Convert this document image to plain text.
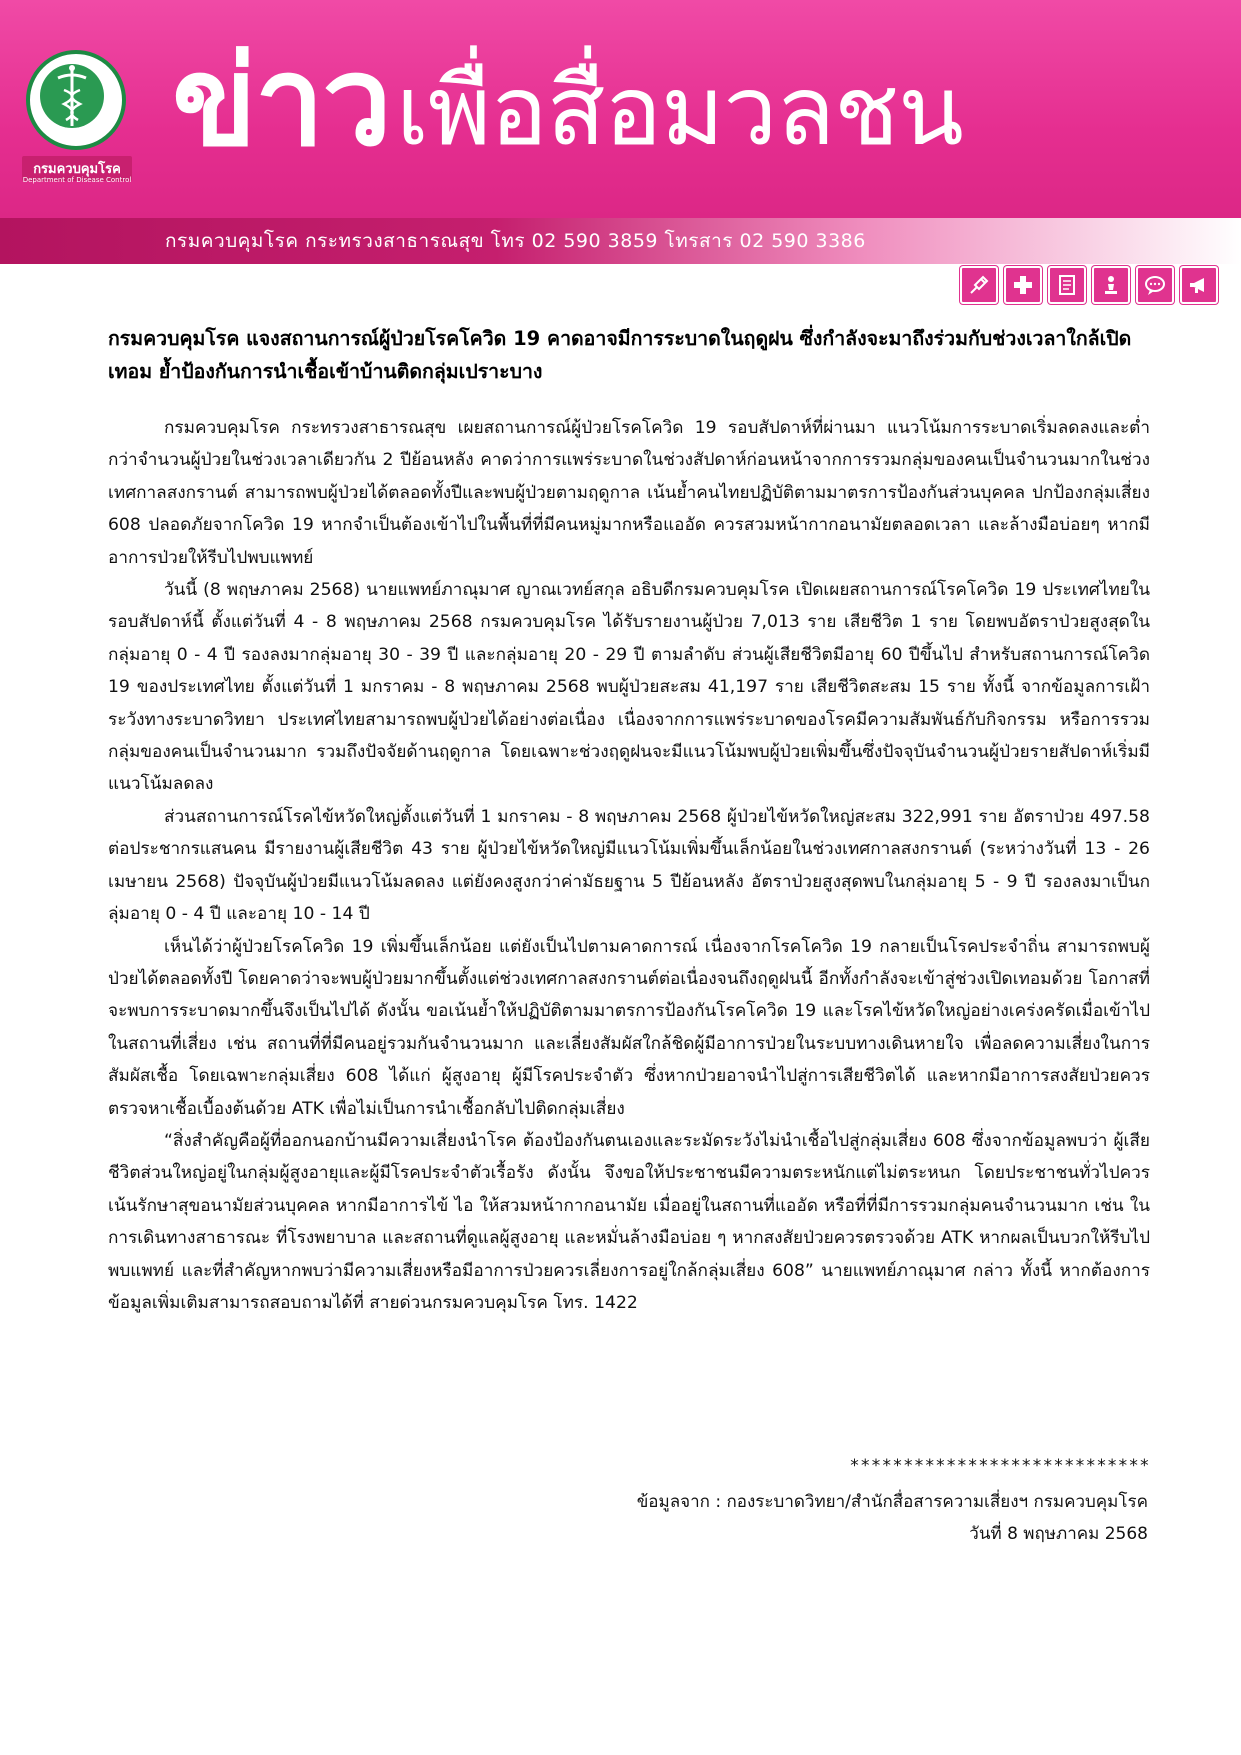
กรมควบคุมโรค กระทรวงสาธารณสุข โทร 02 590 3859 โทรสาร 02 590 3386
กรมควบคุมโรค
Department of Disease Control
ข่าวเพื่อสื่อมวลชน
กรมควบคุมโรค แจงสถานการณ์ผู้ป่วยโรคโควิด 19 คาดอาจมีการระบาดในฤดูฝน ซึ่งกำลังจะมาถึงร่วมกับช่วงเวลาใกล้เปิดเทอม ย้ำป้องกันการนำเชื้อเข้าบ้านติดกลุ่มเปราะบาง

กรมควบคุมโรค กระทรวงสาธารณสุข เผยสถานการณ์ผู้ป่วยโรคโควิด 19 รอบสัปดาห์ที่ผ่านมา แนวโน้มการระบาดเริ่มลดลงและต่ำกว่าจำนวนผู้ป่วยในช่วงเวลาเดียวกัน 2 ปีย้อนหลัง คาดว่าการแพร่ระบาดในช่วงสัปดาห์ก่อนหน้าจากการรวมกลุ่มของคนเป็นจำนวนมากในช่วงเทศกาลสงกรานต์ สามารถพบผู้ป่วยได้ตลอดทั้งปีและพบผู้ป่วยตามฤดูกาล เน้นย้ำคนไทยปฏิบัติตามมาตรการป้องกันส่วนบุคคล ปกป้องกลุ่มเสี่ยง 608 ปลอดภัยจากโควิด 19 หากจำเป็นต้องเข้าไปในพื้นที่ที่มีคนหมู่มากหรือแออัด ควรสวมหน้ากากอนามัยตลอดเวลา และล้างมือบ่อยๆ หากมีอาการป่วยให้รีบไปพบแพทย์

วันนี้ (8 พฤษภาคม 2568) นายแพทย์ภาณุมาศ ญาณเวทย์สกุล อธิบดีกรมควบคุมโรค เปิดเผยสถานการณ์โรคโควิด 19 ประเทศไทยในรอบสัปดาห์นี้ ตั้งแต่วันที่ 4 - 8 พฤษภาคม 2568 กรมควบคุมโรค ได้รับรายงานผู้ป่วย 7,013 ราย เสียชีวิต 1 ราย โดยพบอัตราป่วยสูงสุดในกลุ่มอายุ 0 - 4 ปี รองลงมากลุ่มอายุ 30 - 39 ปี และกลุ่มอายุ 20 - 29 ปี ตามลำดับ ส่วนผู้เสียชีวิตมีอายุ 60 ปีขึ้นไป สำหรับสถานการณ์โควิด 19 ของประเทศไทย ตั้งแต่วันที่ 1 มกราคม - 8 พฤษภาคม 2568 พบผู้ป่วยสะสม 41,197 ราย เสียชีวิตสะสม 15 ราย ทั้งนี้ จากข้อมูลการเฝ้าระวังทางระบาดวิทยา ประเทศไทยสามารถพบผู้ป่วยได้อย่างต่อเนื่อง เนื่องจากการแพร่ระบาดของโรคมีความสัมพันธ์กับกิจกรรม หรือการรวมกลุ่มของคนเป็นจำนวนมาก รวมถึงปัจจัยด้านฤดูกาล โดยเฉพาะช่วงฤดูฝนจะมีแนวโน้มพบผู้ป่วยเพิ่มขึ้นซึ่งปัจจุบันจำนวนผู้ป่วยรายสัปดาห์เริ่มมีแนวโน้มลดลง

ส่วนสถานการณ์โรคไข้หวัดใหญ่ตั้งแต่วันที่ 1 มกราคม - 8 พฤษภาคม 2568 ผู้ป่วยไข้หวัดใหญ่สะสม 322,991 ราย อัตราป่วย 497.58 ต่อประชากรแสนคน มีรายงานผู้เสียชีวิต 43 ราย ผู้ป่วยไข้หวัดใหญ่มีแนวโน้มเพิ่มขึ้นเล็กน้อยในช่วงเทศกาลสงกรานต์ (ระหว่างวันที่ 13 - 26 เมษายน 2568) ปัจจุบันผู้ป่วยมีแนวโน้มลดลง แต่ยังคงสูงกว่าค่ามัธยฐาน 5 ปีย้อนหลัง อัตราป่วยสูงสุดพบในกลุ่มอายุ 5 - 9 ปี รองลงมาเป็นกลุ่มอายุ 0 - 4 ปี และอายุ 10 - 14 ปี

เห็นได้ว่าผู้ป่วยโรคโควิด 19 เพิ่มขึ้นเล็กน้อย แต่ยังเป็นไปตามคาดการณ์ เนื่องจากโรคโควิด 19 กลายเป็นโรคประจำถิ่น สามารถพบผู้ป่วยได้ตลอดทั้งปี โดยคาดว่าจะพบผู้ป่วยมากขึ้นตั้งแต่ช่วงเทศกาลสงกรานต์ต่อเนื่องจนถึงฤดูฝนนี้ อีกทั้งกำลังจะเข้าสู่ช่วงเปิดเทอมด้วย โอกาสที่จะพบการระบาดมากขึ้นจึงเป็นไปได้ ดังนั้น ขอเน้นย้ำให้ปฏิบัติตามมาตรการป้องกันโรคโควิด 19 และโรคไข้หวัดใหญ่อย่างเคร่งครัดเมื่อเข้าไปในสถานที่เสี่ยง เช่น สถานที่ที่มีคนอยู่รวมกันจำนวนมาก และเลี่ยงสัมผัสใกล้ชิดผู้มีอาการป่วยในระบบทางเดินหายใจ เพื่อลดความเสี่ยงในการสัมผัสเชื้อ โดยเฉพาะกลุ่มเสี่ยง 608 ได้แก่ ผู้สูงอายุ ผู้มีโรคประจำตัว ซึ่งหากป่วยอาจนำไปสู่การเสียชีวิตได้ และหากมีอาการสงสัยป่วยควรตรวจหาเชื้อเบื้องต้นด้วย ATK เพื่อไม่เป็นการนำเชื้อกลับไปติดกลุ่มเสี่ยง

“สิ่งสำคัญคือผู้ที่ออกนอกบ้านมีความเสี่ยงนำโรค ต้องป้องกันตนเองและระมัดระวังไม่นำเชื้อไปสู่กลุ่มเสี่ยง 608 ซึ่งจากข้อมูลพบว่า ผู้เสียชีวิตส่วนใหญ่อยู่ในกลุ่มผู้สูงอายุและผู้มีโรคประจำตัวเรื้อรัง ดังนั้น จึงขอให้ประชาชนมีความตระหนักแต่ไม่ตระหนก โดยประชาชนทั่วไปควรเน้นรักษาสุขอนามัยส่วนบุคคล หากมีอาการไข้ ไอ ให้สวมหน้ากากอนามัย เมื่ออยู่ในสถานที่แออัด หรือที่ที่มีการรวมกลุ่มคนจำนวนมาก เช่น ในการเดินทางสาธารณะ ที่โรงพยาบาล และสถานที่ดูแลผู้สูงอายุ และหมั่นล้างมือบ่อย ๆ หากสงสัยป่วยควรตรวจด้วย ATK หากผลเป็นบวกให้รีบไปพบแพทย์ และที่สำคัญหากพบว่ามีความเสี่ยงหรือมีอาการป่วยควรเลี่ยงการอยู่ใกล้กลุ่มเสี่ยง 608” นายแพทย์ภาณุมาศ กล่าว ทั้งนี้ หากต้องการข้อมูลเพิ่มเติมสามารถสอบถามได้ที่ สายด่วนกรมควบคุมโรค โทร. 1422

****************************
ข้อมูลจาก : กองระบาดวิทยา/สำนักสื่อสารความเสี่ยงฯ กรมควบคุมโรค
วันที่ 8 พฤษภาคม 2568
